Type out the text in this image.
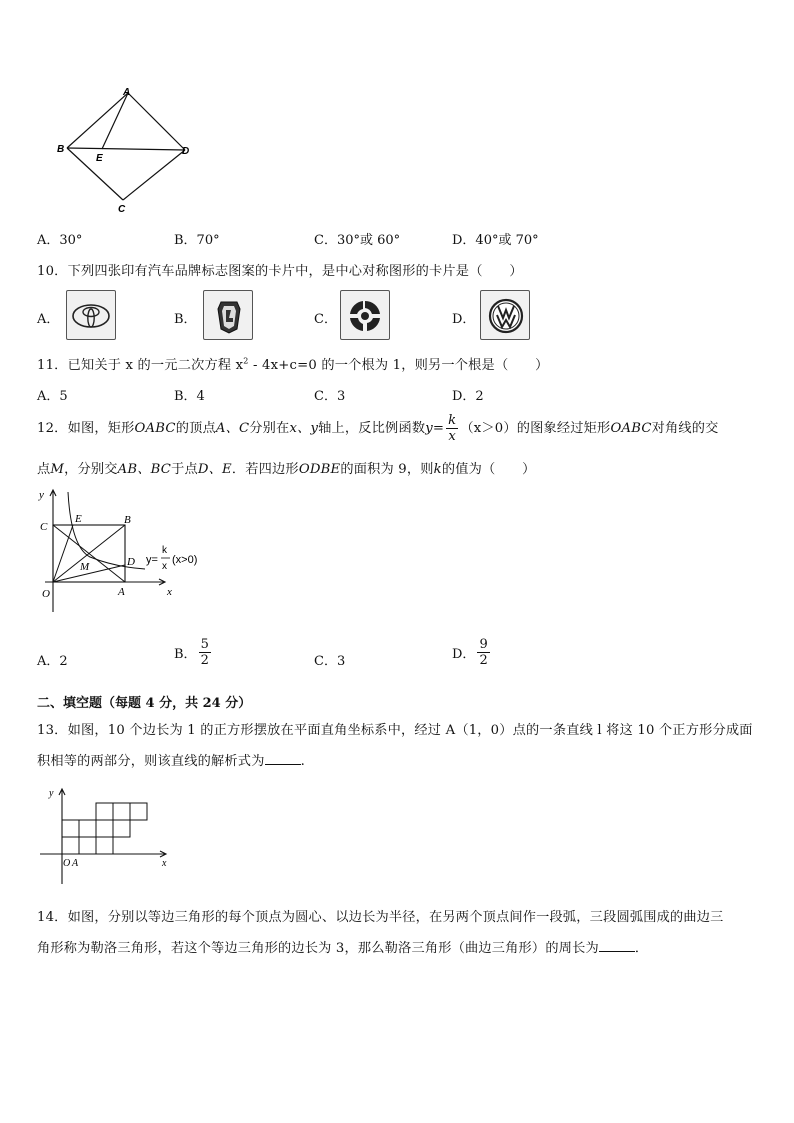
A
B
E
D
C
A．30°	B．70°	C．30°或 60°	D．40°或 70°
10．下列四张印有汽车品牌标志图案的卡片中，是中心对称图形的卡片是（　　）
A．	B．	C．	D．
11．已知关于 x 的一元二次方程 $x^2 - 4x+c=0$ 的一个根为 1，则另一个根是（　　）
A．5	B．4	C．3	D．2
12．如图，矩形OABC的顶点A、C分别在x、y轴上，反比例函数$y= \frac{k}{x} (x>0)$的图象经过矩形OABC对角线的交
点M，分别交AB、BC于点D、E．若四边形ODBE的面积为 9，则k的值为（　　）
y
C
E	B
M	D
O	A	x
y=
k
x
(x>0)
A．2	B． $\frac{5}{2}$	C．3	D． $\frac{9}{2}$
二、填空题（每题 4 分，共 24 分）
13．如图，10 个边长为 1 的正方形摆放在平面直角坐标系中，经过 A（1，0）点的一条直线 l 将这 10 个正方形分成面
积相等的两部分，则该直线的解析式为	.
y
O A	x
14．如图，分别以等边三角形的每个顶点为圆心、以边长为半径，在另两个顶点间作一段弧，三段圆弧围成的曲边三
角形称为勒洛三角形，若这个等边三角形的边长为 3，那么勒洛三角形（曲边三角形）的周长为	．
